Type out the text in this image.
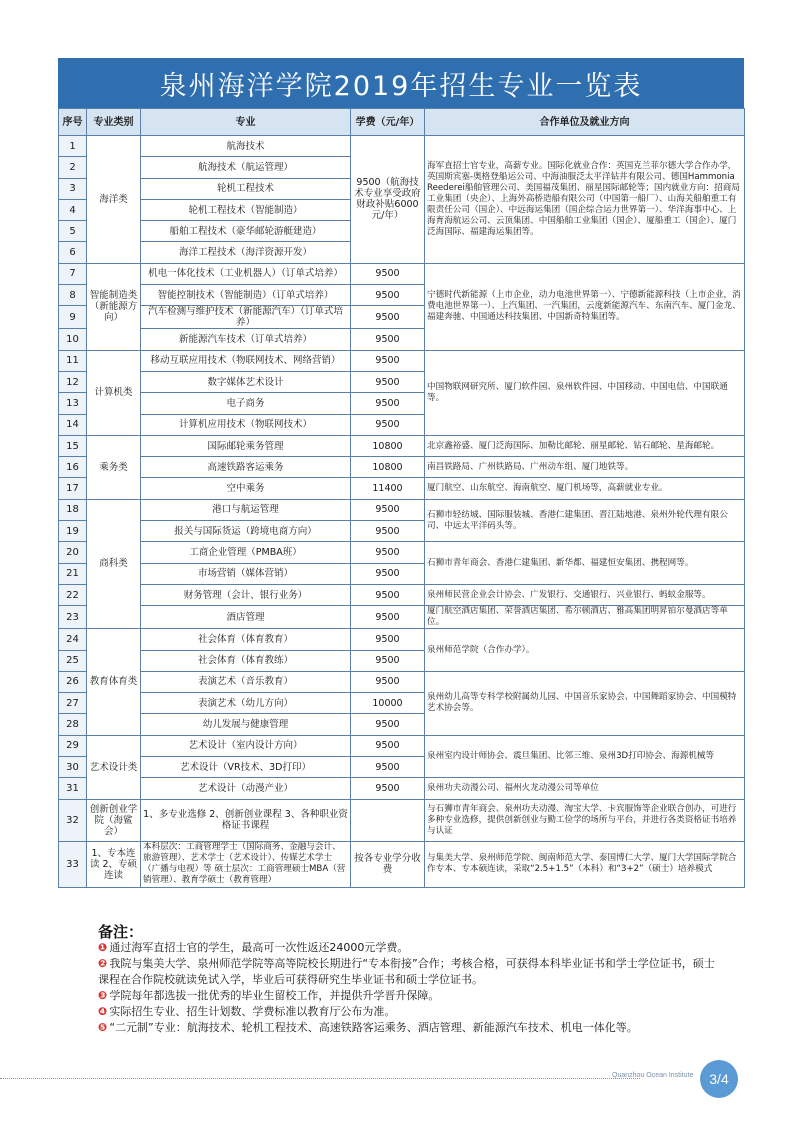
泉州海洋学院2019年招生专业一览表
序号	专业类别	专业	学费（元/年）	合作单位及就业方向
1	海洋类	航海技术	9500（航海技术专业享受政府财政补贴6000元/年）	海军直招士官专业，高薪专业。国际化就业合作：英国克兰菲尔德大学合作办学，英国斯宾塞-奥格登船运公司、中海油服泛太平洋钻井有限公司、德国Hammonia Reederei船舶管理公司、美国福茂集团、丽星国际邮轮等；国内就业方向：招商局工业集团（央企）、上海外高桥造船有限公司（中国第一船厂）、山海关船舶重工有限责任公司（国企）、中远海运集团（国企综合运力世界第一）、华洋海事中心、上海育海航运公司、云顶集团、中国船舶工业集团（国企）、厦船重工（国企）、厦门泛海国际、福建海运集团等。
2		航海技术（航运管理）		
3		轮机工程技术		
4		轮机工程技术（智能制造）		
5		船舶工程技术（豪华邮轮游艇建造）		
6		海洋工程技术（海洋资源开发）		
7	智能制造类（新能源方向）	机电一体化技术（工业机器人）（订单式培养）	9500	宁德时代新能源（上市企业，动力电池世界第一）、宁德新能源科技（上市企业，消费电池世界第一）、上汽集团、一汽集团，云度新能源汽车、东南汽车、厦门金龙、福建奔驰、中国通达科技集团、中国新奇特集团等。
8		智能控制技术（智能制造）（订单式培养）	9500	
9		汽车检测与维护技术（新能源汽车）（订单式培养）	9500	
10		新能源汽车技术（订单式培养）	9500	
11	计算机类	移动互联应用技术（物联网技术、网络营销）	9500	中国物联网研究所、厦门软件园、泉州软件园、中国移动、中国电信、中国联通等。
12		数字媒体艺术设计	9500	
13		电子商务	9500	
14		计算机应用技术（物联网技术）	9500	
15	乘务类	国际邮轮乘务管理	10800	北京鑫裕盛、厦门泛海国际、加勒比邮轮、丽星邮轮、钻石邮轮、星海邮轮。
16		高速铁路客运乘务	10800	南昌铁路局、广州铁路局、广州动车组、厦门地铁等。
17		空中乘务	11400	厦门航空、山东航空、海南航空、厦门机场等，高薪就业专业。
18	商科类	港口与航运管理	9500	石狮市轻纺城、国际服装城、香港仁建集团、晋江陆地港、泉州外轮代理有限公司、中远太平洋码头等。
19		报关与国际货运（跨境电商方向）	9500	
20		工商企业管理（PMBA班）	9500	石狮市青年商会、香港仁建集团、新华都、福建恒安集团、携程网等。
21		市场营销（媒体营销）	9500	
22		财务管理（会计、银行业务）	9500	泉州师民营企业会计协会、广发银行、交通银行、兴业银行、蚂蚁金服等。
23		酒店管理	9500	厦门航空酒店集团、荣誉酒店集团、希尔顿酒店、雅高集团明昇铂尔曼酒店等单位。
24	教育体育类	社会体育（体育教育）	9500	泉州师范学院（合作办学）。
25		社会体育（体育教练）	9500	
26		表演艺术（音乐教育）	9500	泉州幼儿高等专科学校附属幼儿园、中国音乐家协会、中国舞蹈家协会、中国模特艺术协会等。
27		表演艺术（幼儿方向）	10000	
28		幼儿发展与健康管理	9500	
29	艺术设计类	艺术设计（室内设计方向）	9500	泉州室内设计师协会、震旦集团、比邻三维、泉州3D打印协会、海源机械等
30		艺术设计（VR技术、3D打印）	9500	
31		艺术设计（动漫产业）	9500	泉州功夫动漫公司、福州火龙动漫公司等单位
32	创新创业学院（海鲨会）	1、多专业选修 2、创新创业课程 3、各种职业资格证书课程		与石狮市青年商会、泉州功夫动漫、淘宝大学、卡宾服饰等企业联合创办，可进行多种专业选修，提供创新创业与勤工俭学的场所与平台，并进行各类资格证书培养与认证
33	1、专本连读 2、专硕连读	本科层次：工商管理学士（国际商务、金融与会计、旅游管理）、艺术学士（艺术设计）、传媒艺术学士（广播与电视）等 硕士层次：工商管理硕士MBA（营销管理）、教育学硕士（教育管理）	按各专业学分收费	与集美大学、泉州师范学院、闽南师范大学、泰国博仁大学、厦门大学国际学院合作专本、专本硕连读，采取“2.5+1.5”（本科）和“3+2”（硕士）培养模式
备注：

❶ 通过海军直招士官的学生，最高可一次性返还24000元学费。

❷ 我院与集美大学、泉州师范学院等高等院校长期进行“专本衔接”合作；考核合格，可获得本科毕业证书和学士学位证书，硕士课程在合作院校就读免试入学，毕业后可获得研究生毕业证书和硕士学位证书。

❸ 学院每年都选拔一批优秀的毕业生留校工作，并提供升学晋升保障。

❹ 实际招生专业、招生计划数、学费标准以教育厅公布为准。

❺ “二元制”专业：航海技术、轮机工程技术、高速铁路客运乘务、酒店管理、新能源汽车技术、机电一体化等。

Quanzhou Ocean Institute	3/4
